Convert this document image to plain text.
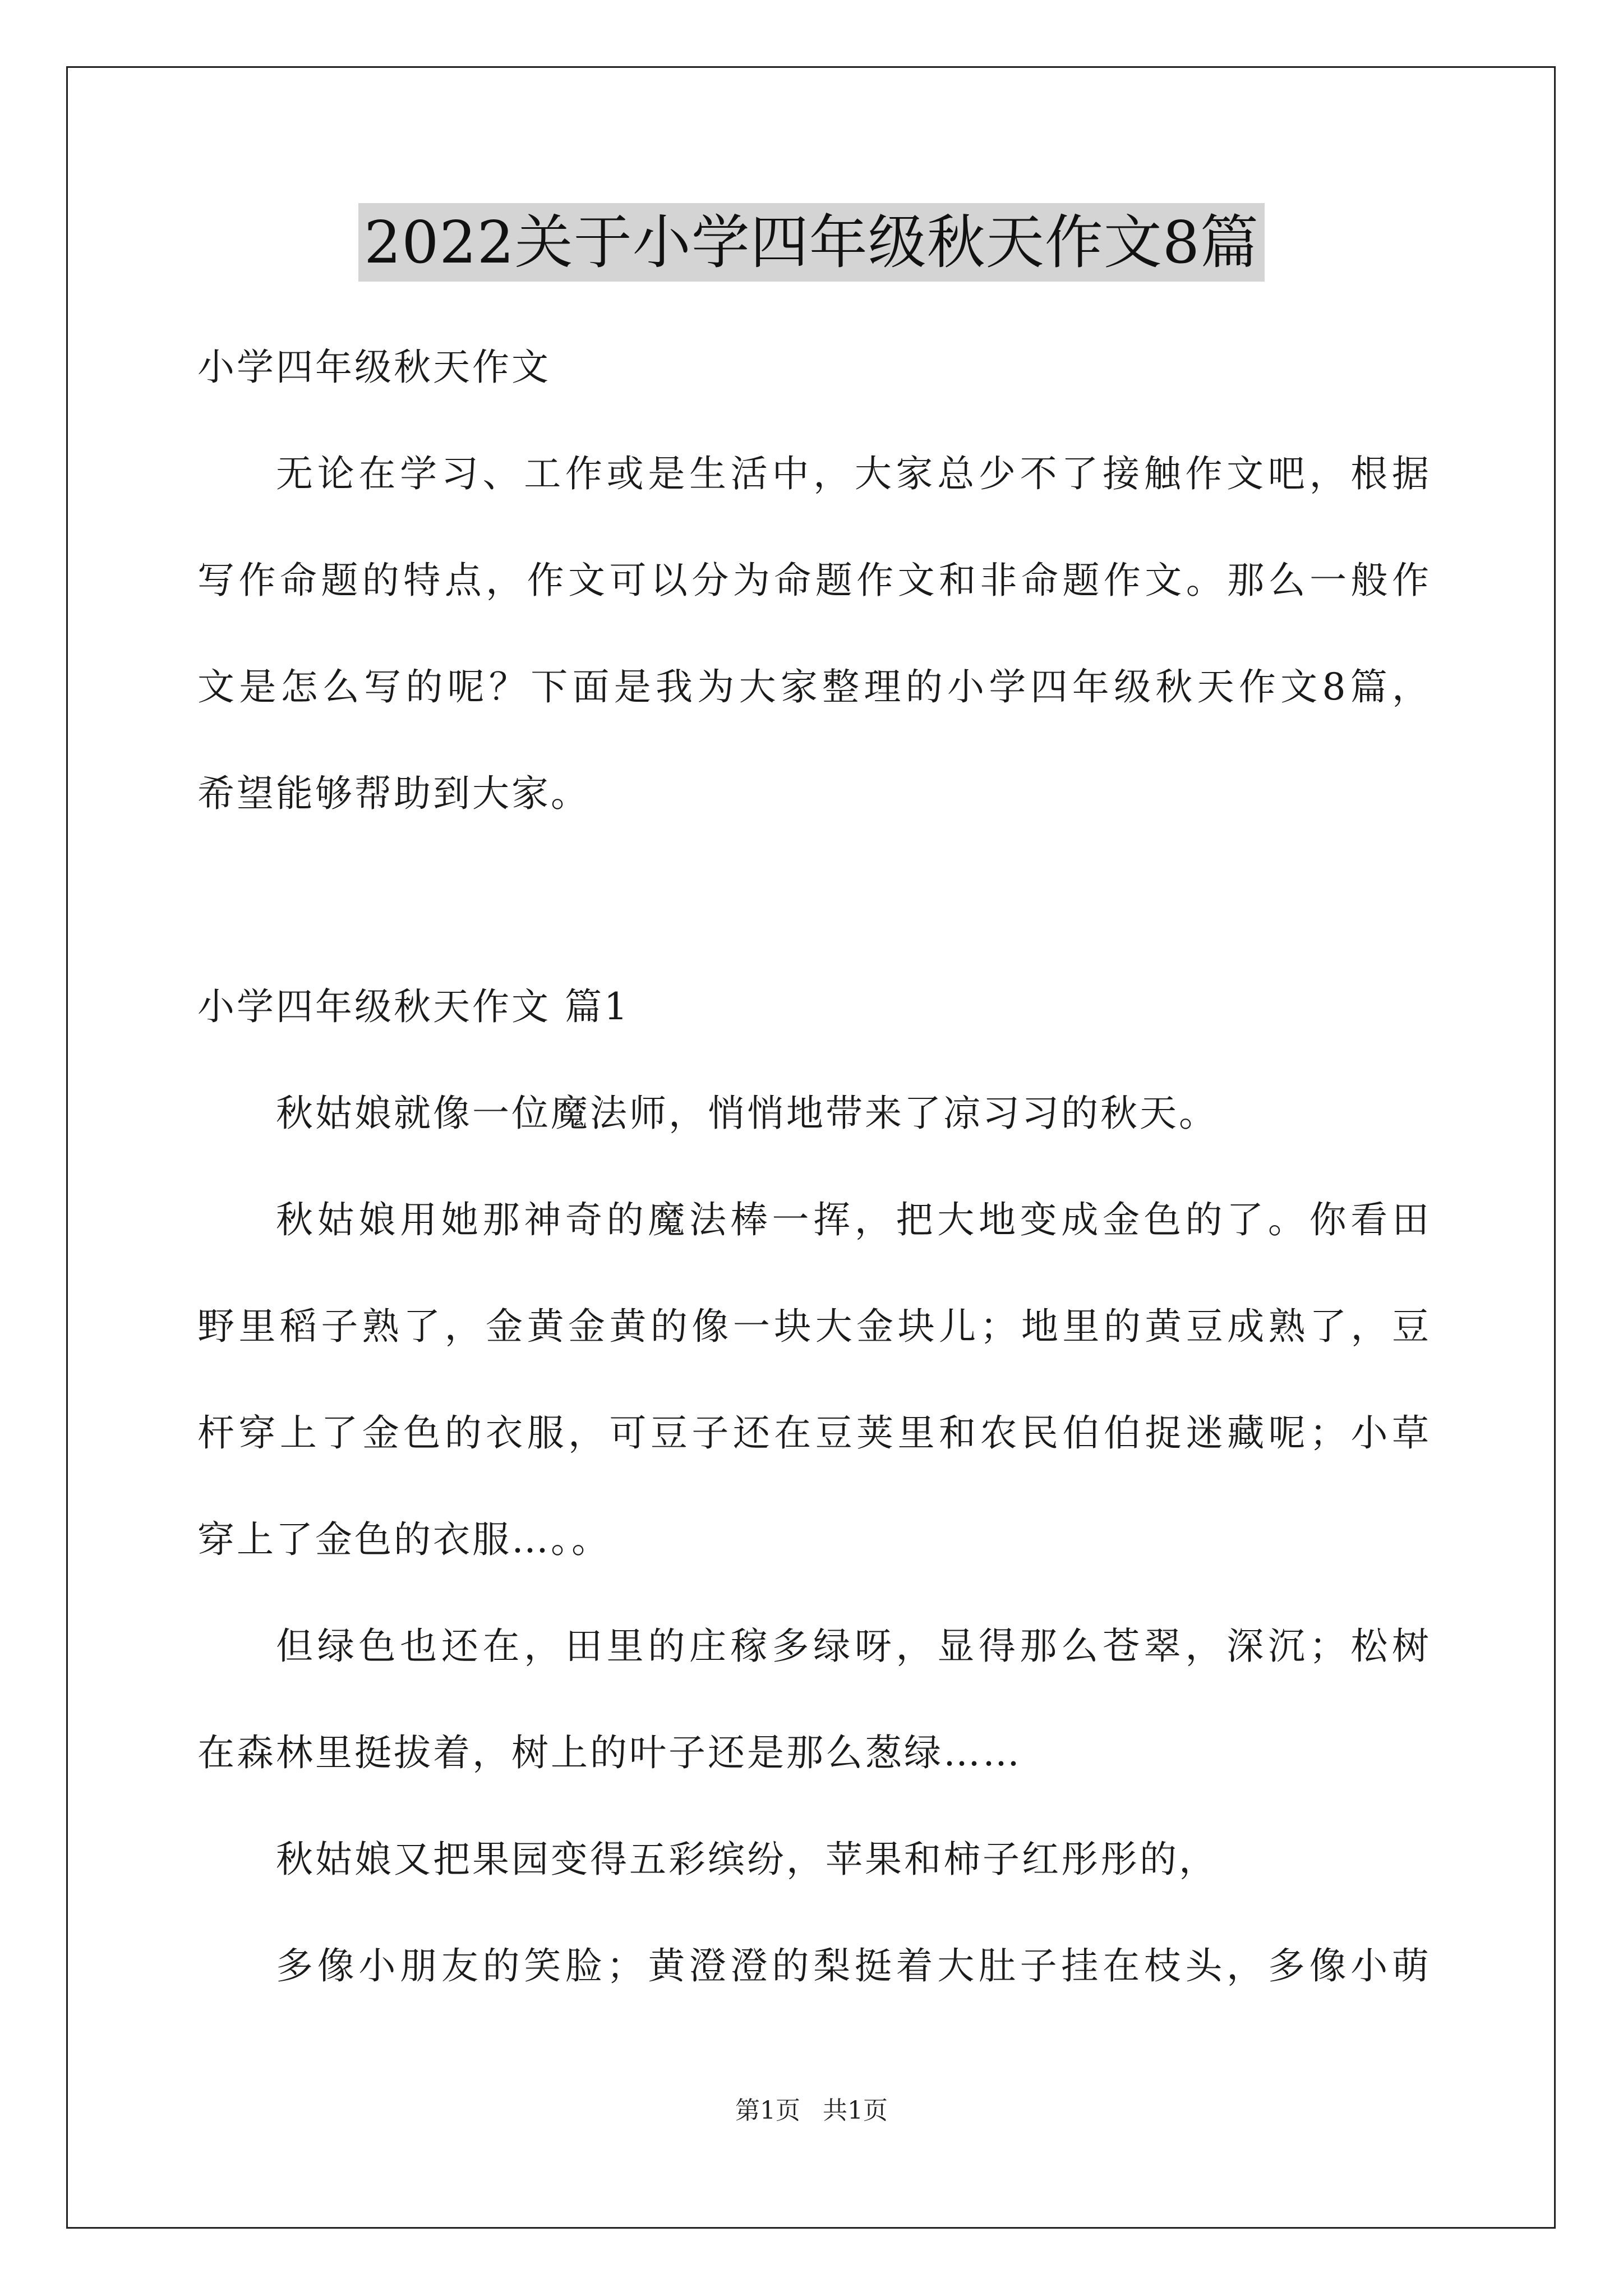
2022关于小学四年级秋天作文8篇
小学四年级秋天作文
无论在学习、工作或是生活中，大家总少不了接触作文吧，根据
写作命题的特点，作文可以分为命题作文和非命题作文。那么一般作
文是怎么写的呢？下面是我为大家整理的小学四年级秋天作文8篇，
希望能够帮助到大家。
小学四年级秋天作文 篇1
秋姑娘就像一位魔法师，悄悄地带来了凉习习的秋天。
秋姑娘用她那神奇的魔法棒一挥，把大地变成金色的了。你看田
野里稻子熟了，金黄金黄的像一块大金块儿；地里的黄豆成熟了，豆
杆穿上了金色的衣服，可豆子还在豆荚里和农民伯伯捉迷藏呢；小草
穿上了金色的衣服…。。
但绿色也还在，田里的庄稼多绿呀，显得那么苍翠，深沉；松树
在森林里挺拔着，树上的叶子还是那么葱绿……
秋姑娘又把果园变得五彩缤纷，苹果和柿子红彤彤的，
多像小朋友的笑脸；黄澄澄的梨挺着大肚子挂在枝头，多像小萌
第1页 共1页
